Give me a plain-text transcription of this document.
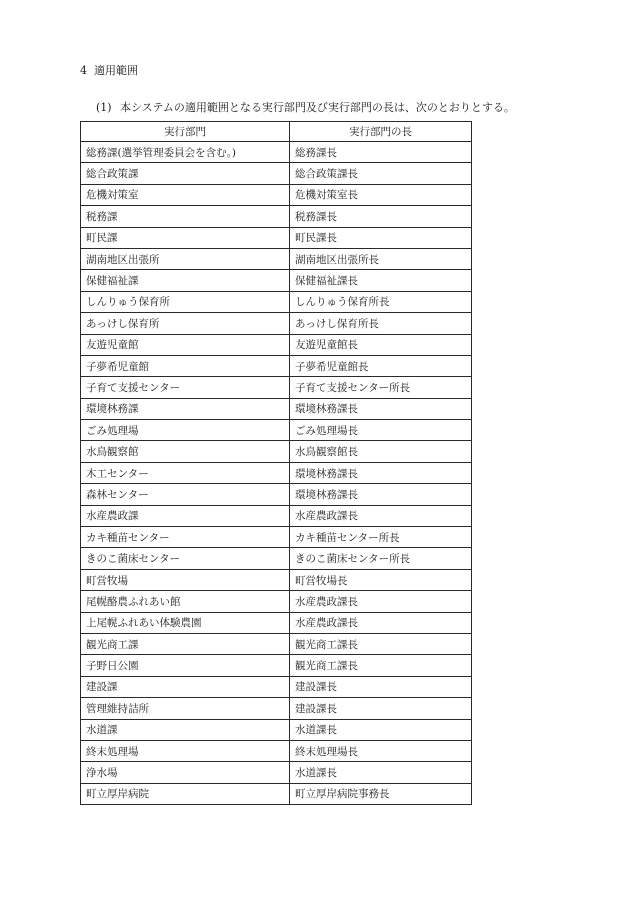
4 適用範囲
(1) 本システムの適用範囲となる実行部門及び実行部門の長は、次のとおりとする。
実行部門	実行部門の長
総務課(選挙管理委員会を含む。)	総務課長
総合政策課	総合政策課長
危機対策室	危機対策室長
税務課	税務課長
町民課	町民課長
湖南地区出張所	湖南地区出張所長
保健福祉課	保健福祉課長
しんりゅう保育所	しんりゅう保育所長
あっけし保育所	あっけし保育所長
友遊児童館	友遊児童館長
子夢希児童館	子夢希児童館長
子育て支援センター	子育て支援センター所長
環境林務課	環境林務課長
ごみ処理場	ごみ処理場長
水鳥観察館	水鳥観察館長
木工センター	環境林務課長
森林センター	環境林務課長
水産農政課	水産農政課長
カキ種苗センター	カキ種苗センター所長
きのこ菌床センター	きのこ菌床センター所長
町営牧場	町営牧場長
尾幌酪農ふれあい館	水産農政課長
上尾幌ふれあい体験農園	水産農政課長
観光商工課	観光商工課長
子野日公園	観光商工課長
建設課	建設課長
管理維持詰所	建設課長
水道課	水道課長
終末処理場	終末処理場長
浄水場	水道課長
町立厚岸病院	町立厚岸病院事務長
